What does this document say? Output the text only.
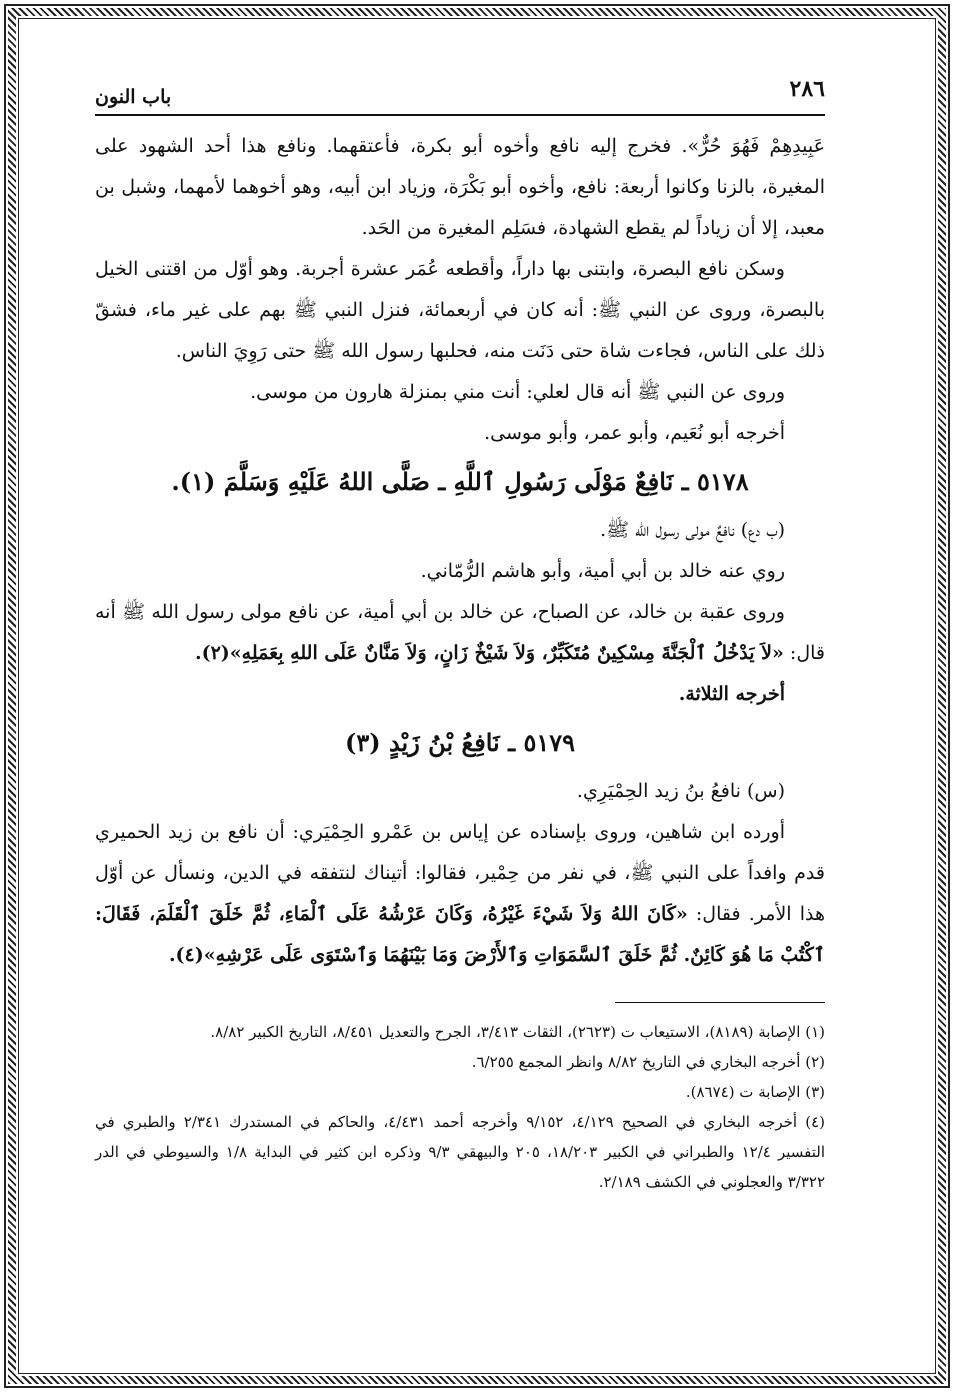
٢٨٦
باب النون

عَبِيدِهِمْ فَهُوَ حُرٌّ». فخرج إليه نافع وأخوه أبو بكرة، فأعتقهما. ونافع هذا أحد الشهود على المغيرة، بالزنا وكانوا أربعة: نافع، وأخوه أبو بَكْرَة، وزياد ابن أبيه، وهو أخوهما لأمهما، وشبل بن معبد، إلا أن زياداً لم يقطع الشهادة، فسَلِم المغيرة من الحَد.

وسكن نافع البصرة، وابتنى بها داراً، وأقطعه عُمَر عشرة أجربة. وهو أوّل من اقتنى الخيل بالبصرة، وروى عن النبي ﷺ: أنه كان في أربعمائة، فنزل النبي ﷺ بهم على غير ماء، فشقّ ذلك على الناس، فجاءت شاة حتى دَنَت منه، فحلبها رسول الله ﷺ حتى رَوِيَ الناس.

وروى عن النبي ﷺ أنه قال لعلي: أنت مني بمنزلة هارون من موسى.

أخرجه أبو نُعَيم، وأبو عمر، وأبو موسى.

٥١٧٨ ـ نَافِعٌ مَوْلَى رَسُولِ ٱللَّهِ ـ صَلَّى اللهُ عَلَيْهِ وَسَلَّمَ (١).

(ب دع) نافعٌ مولى رسول الله ﷺ.

روي عنه خالد بن أبي أمية، وأبو هاشم الرُّمّاني.

وروى عقبة بن خالد، عن الصباح، عن خالد بن أبي أمية، عن نافع مولى رسول الله ﷺ أنه قال: «لاَ يَدْخُلُ ٱلْجَنَّةَ مِسْكِينٌ مُتَكَبِّرٌ، وَلاَ شَيْخٌ زَانٍ، وَلاَ مَنَّانٌ عَلَى اللهِ بِعَمَلِهِ»(٢).

أخرجه الثلاثة.

٥١٧٩ ـ نَافِعُ بْنُ زَيْدٍ (٣)

(س) نافعُ بنُ زيد الحِمْيَرِي.

أورده ابن شاهين، وروى بإسناده عن إياس بن عَمْرو الحِمْيَري: أن نافع بن زيد الحميري قدم وافداً على النبي ﷺ، في نفر من حِمْير، فقالوا: أتيناك لنتفقه في الدين، ونسأل عن أوّل هذا الأمر. فقال: «كَانَ اللهُ وَلاَ شَيْءَ غَيْرُهُ، وَكَانَ عَرْشُهُ عَلَى ٱلْمَاءِ، ثُمَّ خَلَقَ ٱلْقَلَمَ، فَقَالَ: ٱكْتُبْ مَا هُوَ كَائِنٌ. ثُمَّ خَلَقَ ٱلسَّمَوَاتِ وَٱلأَرْضَ وَمَا بَيْنَهُمَا وَٱسْتَوَى عَلَى عَرْشِهِ»(٤).

(١) الإصابة (٨١٨٩)، الاستيعاب ت (٢٦٢٣)، الثقات ٣/٤١٣، الجرح والتعديل ٨/٤٥١، التاريخ الكبير ٨/٨٢.

(٢) أخرجه البخاري في التاريخ ٨/٨٢ وانظر المجمع ٦/٢٥٥.

(٣) الإصابة ت (٨٦٧٤).

(٤) أخرجه البخاري في الصحيح ٤/١٢٩، ٩/١٥٢ وأخرجه أحمد ٤/٤٣١، والحاكم في المستدرك ٢/٣٤١ والطبري في التفسير ١٢/٤ والطبراني في الكبير ١٨/٢٠٣، ٢٠٥ والبيهقي ٩/٣ وذكره ابن كثير في البداية ١/٨ والسيوطي في الدر ٣/٣٢٢ والعجلوني في الكشف ٢/١٨٩.
